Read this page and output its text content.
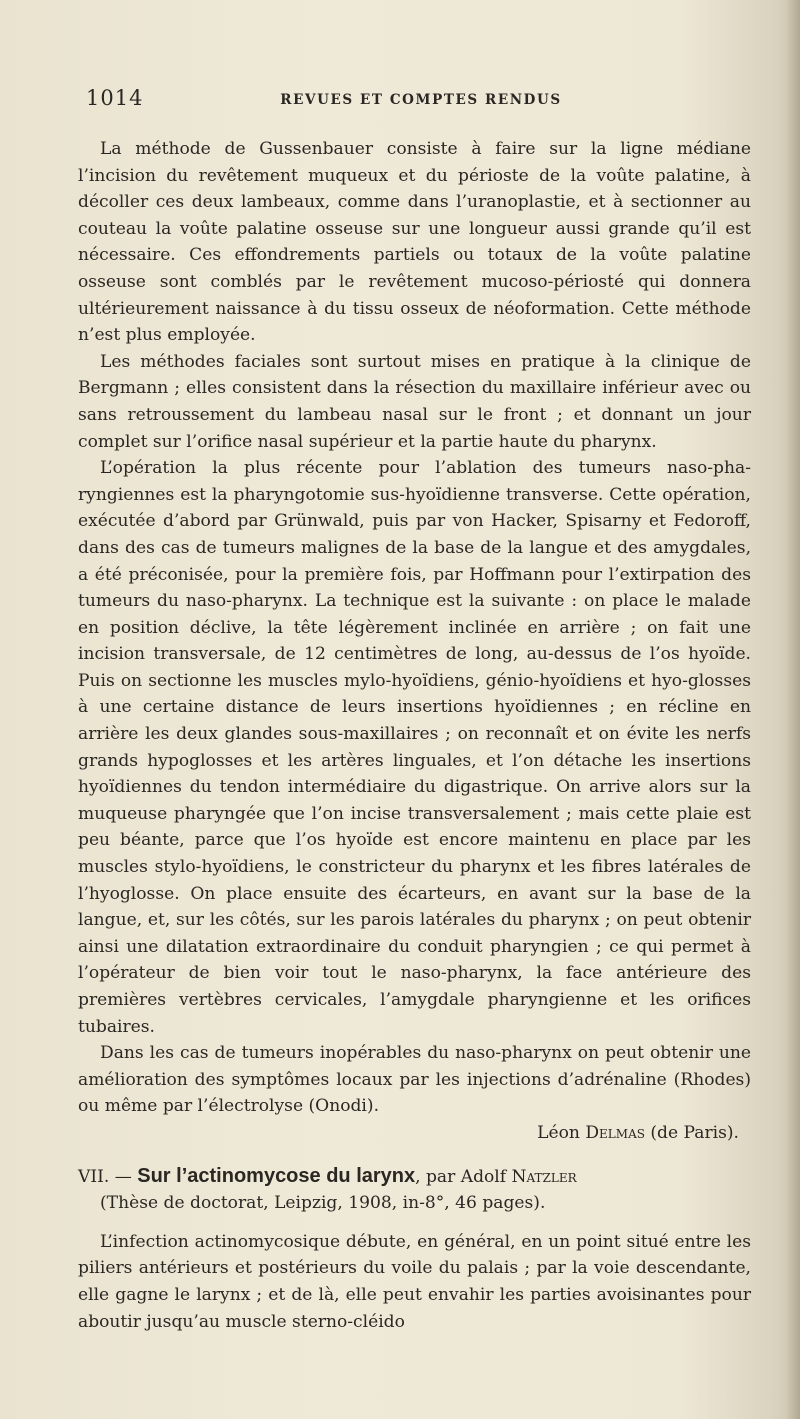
1014	REVUES ET COMPTES RENDUS

La méthode de Gussenbauer consiste à faire sur la ligne médiane l’incision du revêtement muqueux et du périoste de la voûte palatine, à décoller ces deux lambeaux, comme dans l’uranoplastie, et à sectionner au couteau la voûte palatine osseuse sur une longueur aussi grande qu’il est nécessaire. Ces effondrements partiels ou totaux de la voûte palatine osseuse sont comblés par le revêtement mucoso-périosté qui donnera ultérieurement naissance à du tissu osseux de néoformation. Cette méthode n’est plus employée.

Les méthodes faciales sont surtout mises en pratique à la clinique de Bergmann ; elles consistent dans la résection du maxillaire inférieur avec ou sans retroussement du lambeau nasal sur le front ; et donnant un jour complet sur l’orifice nasal supérieur et la partie haute du pharynx.

L’opération la plus récente pour l’ablation des tumeurs naso-pharyngiennes est la pharyngotomie sus-hyoïdienne transverse. Cette opération, exécutée d’abord par Grünwald, puis par von Hacker, Spisarny et Fedoroff, dans des cas de tumeurs malignes de la base de la langue et des amygdales, a été préconisée, pour la première fois, par Hoffmann pour l’extirpation des tumeurs du naso-pharynx. La technique est la suivante : on place le malade en position déclive, la tête légèrement inclinée en arrière ; on fait une incision transversale, de 12 centimètres de long, au-dessus de l’os hyoïde. Puis on sectionne les muscles mylo-hyoïdiens, génio-hyoïdiens et hyo-glosses à une certaine distance de leurs insertions hyoïdiennes ; en récline en arrière les deux glandes sous-maxillaires ; on reconnaît et on évite les nerfs grands hypoglosses et les artères linguales, et l’on détache les insertions hyoïdiennes du tendon intermédiaire du digastrique. On arrive alors sur la muqueuse pharyngée que l’on incise transversalement ; mais cette plaie est peu béante, parce que l’os hyoïde est encore maintenu en place par les muscles stylo-hyoïdiens, le constricteur du pharynx et les fibres latérales de l’hyoglosse. On place ensuite des écarteurs, en avant sur la base de la langue, et, sur les côtés, sur les parois latérales du pharynx ; on peut obtenir ainsi une dilatation extraordinaire du conduit pharyngien ; ce qui permet à l’opérateur de bien voir tout le naso-pharynx, la face antérieure des premières vertèbres cervicales, l’amygdale pharyngienne et les orifices tubaires.

Dans les cas de tumeurs inopérables du naso-pharynx on peut obtenir une amélioration des symptômes locaux par les injections d’adrénaline (Rhodes) ou même par l’électrolyse (Onodi).

Léon Delmas (de Paris).

VII. — Sur l’actinomycose du larynx, par Adolf Natzler
(Thèse de doctorat, Leipzig, 1908, in-8°, 46 pages).

L’infection actinomycosique débute, en général, en un point situé entre les piliers antérieurs et postérieurs du voile du palais ; par la voie descendante, elle gagne le larynx ; et de là, elle peut envahir les parties avoisinantes pour aboutir jusqu’au muscle sterno-cléido
